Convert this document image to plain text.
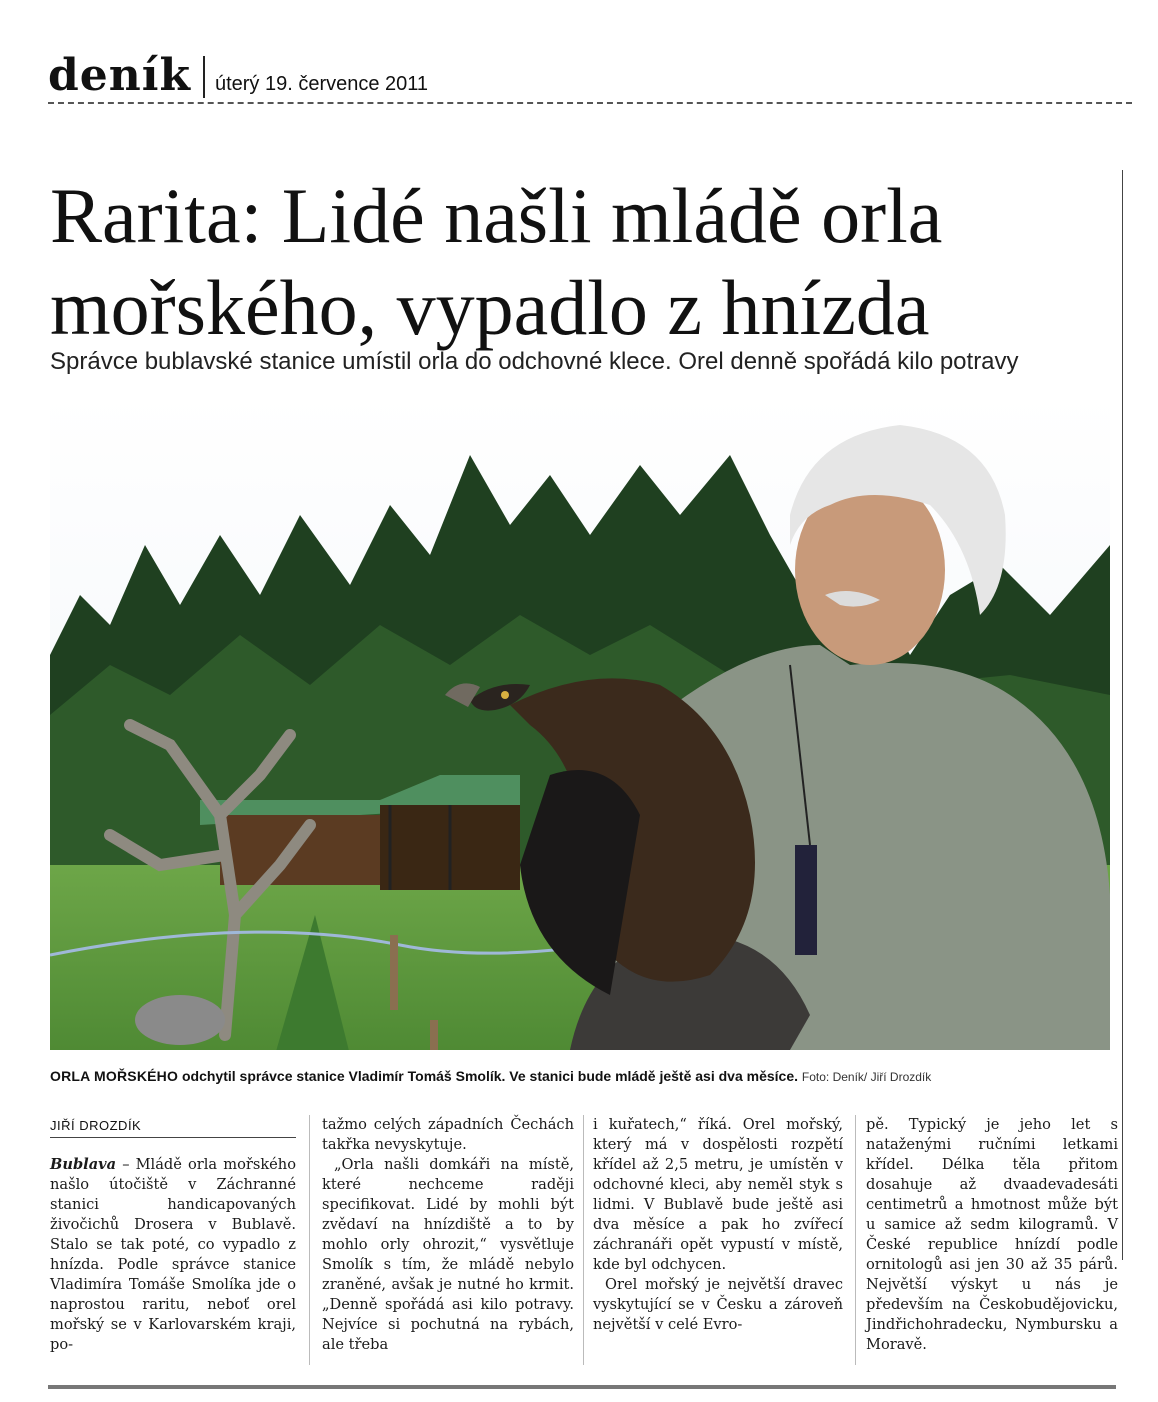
deník úterý 19. července 2011
Rarita: Lidé našli mládě orla
mořského, vypadlo z hnízda
Správce bublavské stanice umístil orla do odchovné klece. Orel denně spořádá kilo potravy
ORLA MOŘSKÉHO odchytil správce stanice Vladimír Tomáš Smolík. Ve stanici bude mládě ještě asi dva měsíce. Foto: Deník/ Jiří Drozdík
JIŘÍ DROZDÍK

Bublava – Mládě orla mořského našlo útočiště v Záchranné stanici handicapovaných živočichů Drosera v Bublavě. Stalo se tak poté, co vypadlo z hnízda. Podle správce stanice Vladimíra Tomáše Smolíka jde o naprostou raritu, neboť orel mořský se v Karlovarském kraji, po-

tažmo celých západních Čechách takřka nevyskytuje.

„Orla našli domkáři na místě, které nechceme raději specifikovat. Lidé by mohli být zvědaví na hnízdiště a to by mohlo orly ohrozit,“ vysvětluje Smolík s tím, že mládě nebylo zraněné, avšak je nutné ho krmit. „Denně spořádá asi kilo potravy. Nejvíce si pochutná na rybách, ale třeba

i kuřatech,“ říká. Orel mořský, který má v dospělosti rozpětí křídel až 2,5 metru, je umístěn v odchovné kleci, aby neměl styk s lidmi. V Bublavě bude ještě asi dva měsíce a pak ho zvířecí záchranáři opět vypustí v místě, kde byl odchycen.

Orel mořský je největší dravec vyskytující se v Česku a zároveň největší v celé Evro-

pě. Typický je jeho let s nataženými ručními letkami křídel. Délka těla přitom dosahuje až dvaadevadesáti centimetrů a hmotnost může být u samice až sedm kilogramů. V České republice hnízdí podle ornitologů asi jen 30 až 35 párů. Největší výskyt u nás je především na Českobudějovicku, Jindřichohradecku, Nymbursku a Moravě.
